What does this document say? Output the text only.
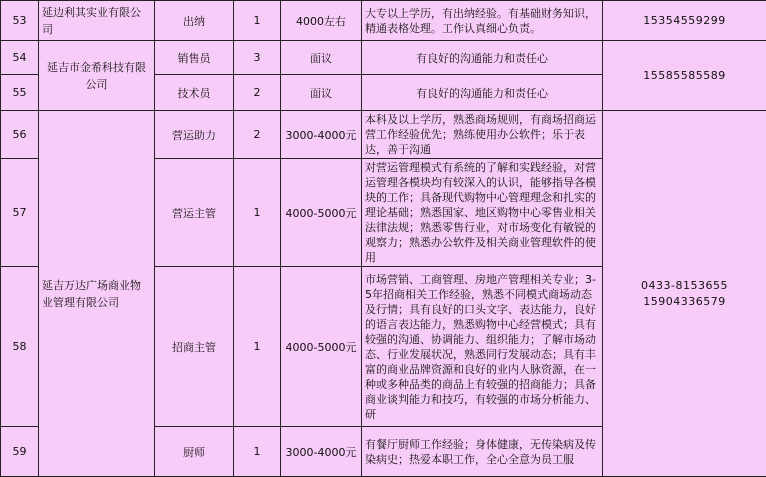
53	延边利其实业有限公司	出纳	1	4000左右	大专以上学历，有出纳经验。有基础财务知识，精通表格处理。工作认真细心负责。	15354559299
54	延吉市金希科技有限公司	销售员	3	面议	有良好的沟通能力和责任心	15585585589
55		技术员	2	面议	有良好的沟通能力和责任心	
56	延吉万达广场商业物业管理有限公司	营运助力	2	3000-4000元	本科及以上学历，熟悉商场规则，有商场招商运营工作经验优先；熟练使用办公软件；乐于表达，善于沟通	0433-8153655 15904336579
57		营运主管	1	4000-5000元	对营运管理模式有系统的了解和实践经验，对营运管理各模块均有较深入的认识，能够指导各模块的工作；具备现代购物中心管理理念和扎实的理论基础；熟悉国家、地区购物中心零售业相关法律法规；熟悉零售行业，对市场变化有敏锐的观察力；熟悉办公软件及相关商业管理软件的使用	
58		招商主管	1	4000-5000元	市场营销、工商管理、房地产管理相关专业；3-5年招商相关工作经验，熟悉不同模式商场动态及行情；具有良好的口头文字、表达能力，良好的语言表达能力，熟悉购物中心经营模式；具有较强的沟通、协调能力、组织能力；了解市场动态、行业发展状况，熟悉同行发展动态；具有丰富的商业品牌资源和良好的业内人脉资源，在一种或多种品类的商品上有较强的招商能力；具备商业谈判能力和技巧，有较强的市场分析能力、研	
59		厨师	1	3000-4000元	有餐厅厨师工作经验；身体健康，无传染病及传染病史；热爱本职工作，全心全意为员工服	
